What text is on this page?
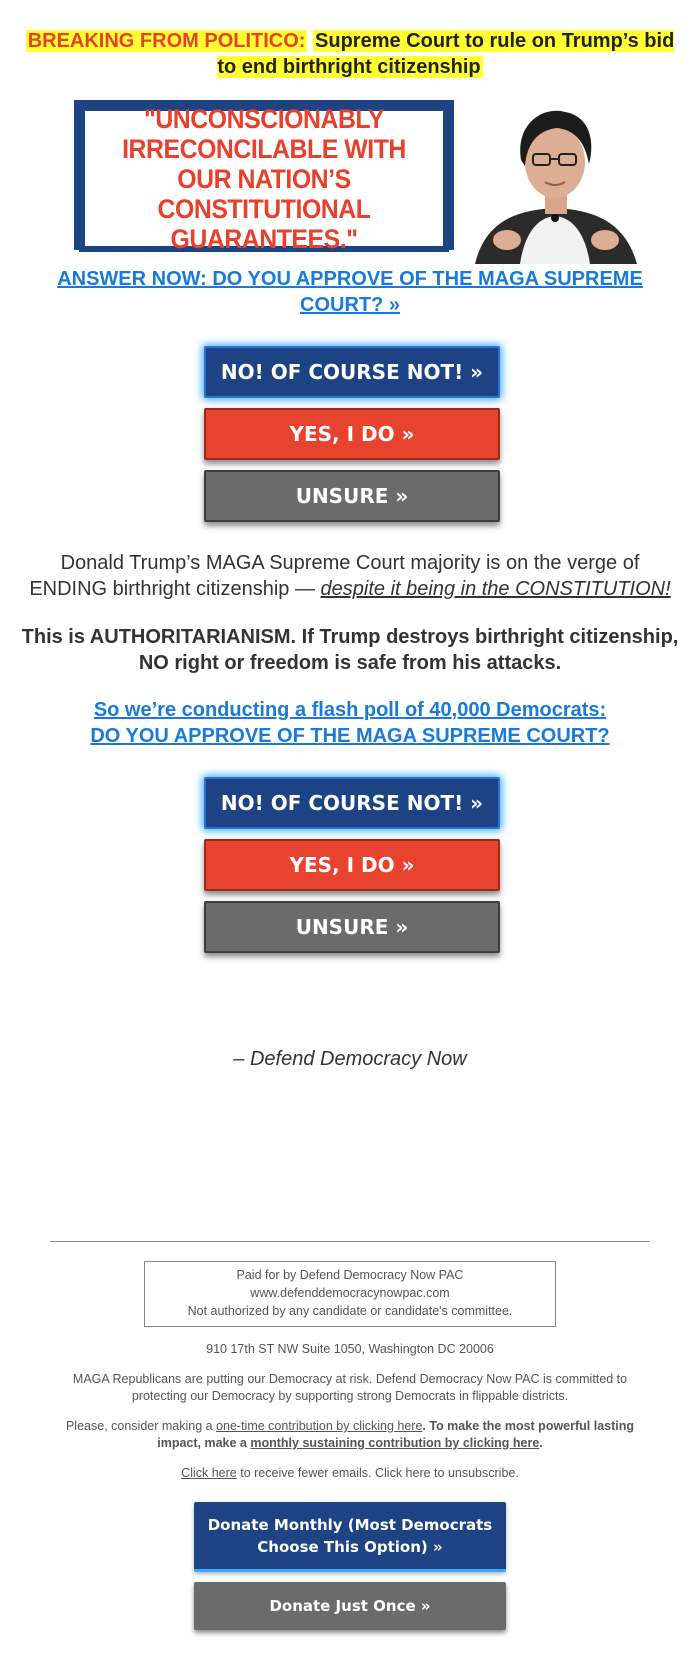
BREAKING FROM POLITICO: Supreme Court to rule on Trump’s bid to end birthright citizenship
"UNCONSCIONABLY IRRECONCILABLE WITH OUR NATION’S CONSTITUTIONAL GUARANTEES."
ANSWER NOW: DO YOU APPROVE OF THE MAGA SUPREME COURT? »
NO! OF COURSE NOT! »
YES, I DO »
UNSURE »
Donald Trump’s MAGA Supreme Court majority is on the verge of ENDING birthright citizenship — despite it being in the CONSTITUTION!
This is AUTHORITARIANISM. If Trump destroys birthright citizenship, NO right or freedom is safe from his attacks.
So we’re conducting a flash poll of 40,000 Democrats:
DO YOU APPROVE OF THE MAGA SUPREME COURT?
NO! OF COURSE NOT! »
YES, I DO »
UNSURE »
– Defend Democracy Now
Paid for by Defend Democracy Now PAC
www.defenddemocracynowpac.com
Not authorized by any candidate or candidate's committee.
910 17th ST NW Suite 1050, Washington DC 20006
MAGA Republicans are putting our Democracy at risk. Defend Democracy Now PAC is committed to protecting our Democracy by supporting strong Democrats in flippable districts.
Please, consider making a one-time contribution by clicking here. To make the most powerful lasting impact, make a monthly sustaining contribution by clicking here.
Click here to receive fewer emails. Click here to unsubscribe.
Donate Monthly (Most Democrats Choose This Option) »
Donate Just Once »
